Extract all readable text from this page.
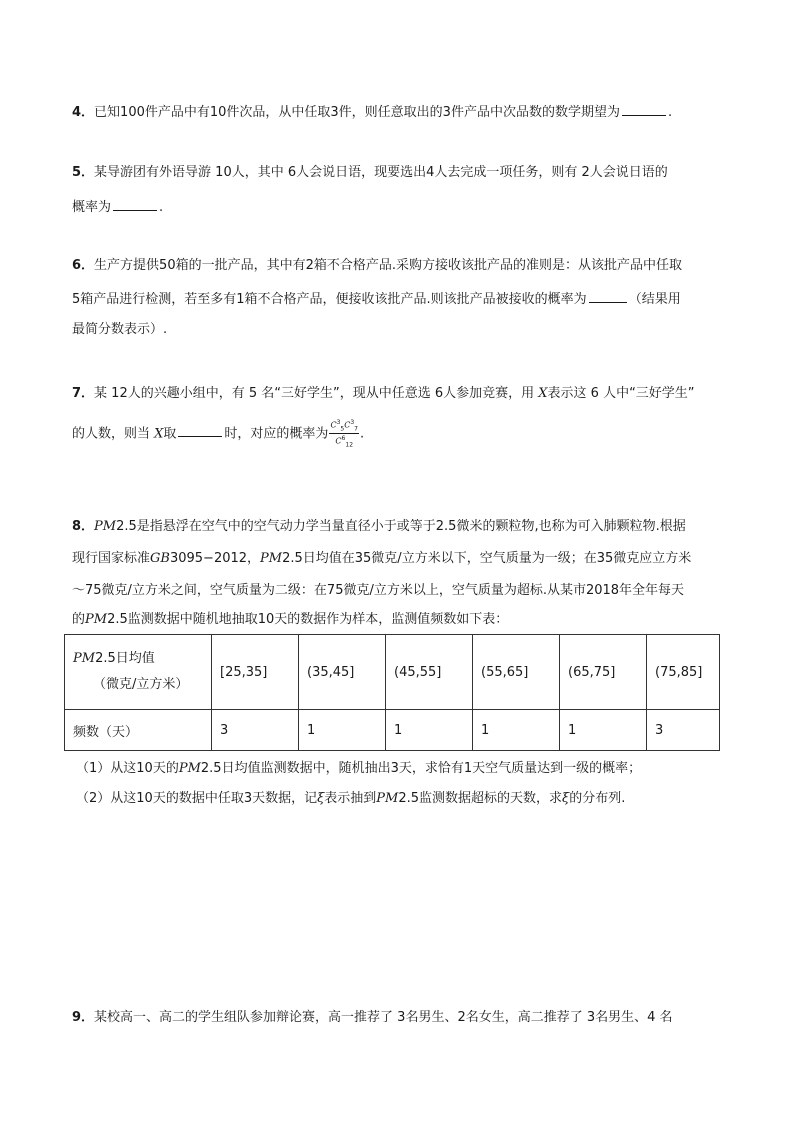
4．已知100件产品中有10件次品，从中任取3件，则任意取出的3件产品中次品数的数学期望为	.
5．某导游团有外语导游 10人，其中 6人会说日语，现要选出4人去完成一项任务，则有 2人会说日语的
概率为	.
6．生产方提供50箱的一批产品，其中有2箱不合格产品.采购方接收该批产品的准则是：从该批产品中任取
5箱产品进行检测，若至多有1箱不合格产品，便接收该批产品.则该批产品被接收的概率为	（结果用
最简分数表示）.
7．某 12人的兴趣小组中，有 5 名“三好学生”，现从中任意选 6人参加竞赛，用 X表示这 6 人中“三好学生”
的人数，则当 X取	时，对应的概率为 $\frac{C^3_5C^3_7}{C^6_{12}}$ .
8．PM2.5是指悬浮在空气中的空气动力学当量直径小于或等于2.5微米的颗粒物,也称为可入肺颗粒物.根据
现行国家标准GB3095−2012，PM2.5日均值在35微克/立方米以下，空气质量为一级；在35微克应立方米
～75微克/立方米之间，空气质量为二级：在75微克/立方米以上，空气质量为超标.从某市2018年全年每天
的PM2.5监测数据中随机地抽取10天的数据作为样本，监测值频数如下表：
PM2.5日均值
（微克/立方米）	[25,35]	(35,45]	(45,55]	(55,65]	(65,75]	(75,85]
频数（天）	3	1	1	1	1	3
（1）从这10天的PM2.5日均值监测数据中，随机抽出3天，求恰有1天空气质量达到一级的概率；
（2）从这10天的数据中任取3天数据，记ξ表示抽到PM2.5监测数据超标的天数，求ξ的分布列.
9．某校高一、高二的学生组队参加辩论赛，高一推荐了 3名男生、2名女生，高二推荐了 3名男生、4 名
